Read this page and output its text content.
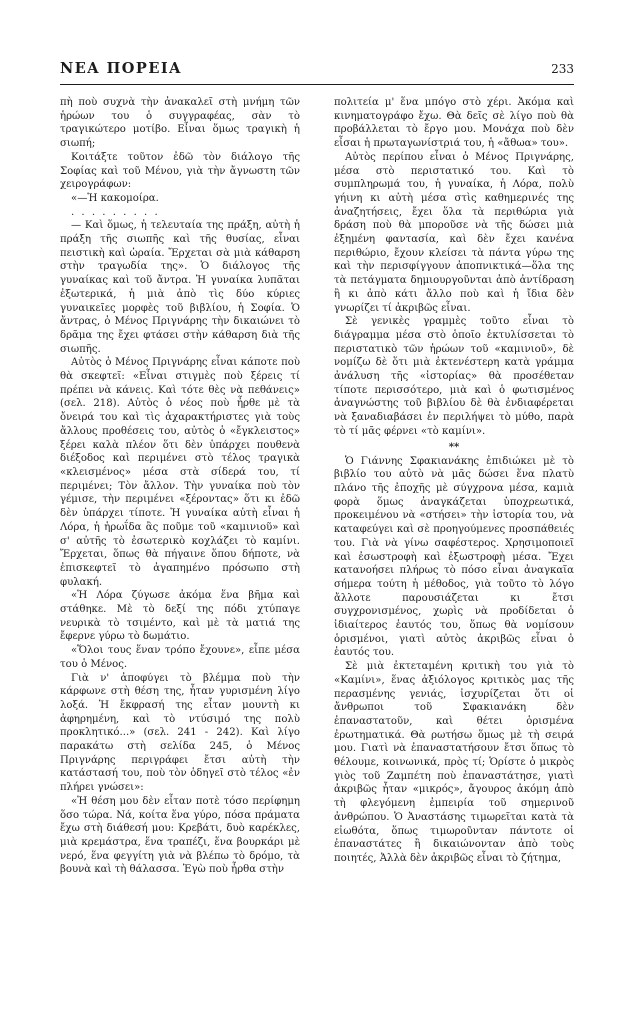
ΝΕΑ ΠΟΡΕΙΑ	233

πὴ ποὺ συχνὰ τὴν ἀνακαλεῖ στὴ μνήμη τῶν ἡρώων του ὁ συγγραφέας, σὰν τὸ τραγικώτερο μοτίβο. Εἶναι ὅμως τραγικὴ ἡ σιωπή;

Κοιτάξτε τοῦτον ἐδῶ τὸν διάλογο τῆς Σοφίας καὶ τοῦ Μένου, γιὰ τὴν ἄγνωστη τῶν χειρογράφων:

«—Ἡ κακομοίρα.

. . . . . . . . .

— Καὶ ὅμως, ἡ τελευταία της πράξη, αὐτὴ ἡ πράξη τῆς σιωπῆς καὶ τῆς θυσίας, εἶναι πειστικὴ καὶ ὡραία. Ἔρχεται σὰ μιὰ κάθαρση στὴν τραγωδία της». Ὁ διάλογος τῆς γυναίκας καὶ τοῦ ἄντρα. Ἡ γυναίκα λυπᾶται ἐξωτερικά, ἡ μιὰ ἀπὸ τὶς δύο κύριες γυναικεῖες μορφὲς τοῦ βιβλίου, ἡ Σοφία. Ὁ ἄντρας, ὁ Μένος Πριγνάρης τὴν δικαιώνει τὸ δρᾶμα της ἔχει φτάσει στὴν κάθαρση διὰ τῆς σιωπῆς.

Αὐτὸς ὁ Μένος Πριγνάρης εἶναι κάποτε ποὺ θὰ σκεφτεῖ: «Εἶναι στιγμὲς ποὺ ξέρεις τί πρέπει νὰ κάνεις. Καὶ τότε θὲς νὰ πεθάνεις» (σελ. 218). Αὐτὸς ὁ νέος ποὺ ἦρθε μὲ τὰ ὄνειρά του καὶ τὶς ἀχαρακτήριστες γιὰ τοὺς ἄλλους προθέσεις του, αὐτὸς ὁ «ἔγκλειστος» ξέρει καλὰ πλέον ὅτι δὲν ὑπάρχει πουθενὰ διέξοδος καὶ περιμένει στὸ τέλος τραγικὰ «κλεισμένος» μέσα στὰ σίδερά του, τί περιμένει; Τὸν ἄλλον. Τὴν γυναίκα ποὺ τὸν γέμισε, τὴν περιμένει «ξέροντας» ὅτι κι ἐδῶ δὲν ὑπάρχει τίποτε. Ἡ γυναίκα αὐτὴ εἶναι ἡ Λόρα, ἡ ἡρωΐδα ἂς ποῦμε τοῦ «καμινιοῦ» καὶ σ' αὐτῆς τὸ ἐσωτερικὸ κοχλάζει τὸ καμίνι. Ἔρχεται, ὅπως θὰ πήγαινε ὅπου δήποτε, νὰ ἐπισκεφτεῖ τὸ ἀγαπημένο πρόσωπο στὴ φυλακή.

«Ἡ Λόρα ζύγωσε ἀκόμα ἕνα βῆμα καὶ στάθηκε. Μὲ τὸ δεξί της πόδι χτύπαγε νευρικὰ τὸ τσιμέντο, καὶ μὲ τὰ ματιά της ἔφερνε γύρω τὸ δωμάτιο.

«Ὅλοι τους ἕναν τρόπο ἔχουνε», εἶπε μέσα του ὁ Μένος.

Γιὰ ν' ἀποφύγει τὸ βλέμμα ποὺ τὴν κάρφωνε στὴ θέση της, ἦταν γυρισμένη λίγο λοξά. Ἡ ἔκφρασή της εἶταν μουντὴ κι ἀφηρημένη, καὶ τὸ ντύσιμό της πολὺ προκλητικό...» (σελ. 241 - 242). Καὶ λίγο παρακάτω στὴ σελίδα 245, ὁ Μένος Πριγνάρης περιγράφει ἔτσι αὐτὴ τὴν κατάστασή του, ποὺ τὸν ὁδηγεῖ στὸ τέλος «ἐν πλήρει γνώσει»:

«Ἡ θέση μου δὲν εἶταν ποτὲ τόσο περίφημη ὅσο τώρα. Νά, κοίτα ἕνα γύρο, πόσα πράματα ἔχω στὴ διάθεσή μου: Κρεβάτι, δυὸ καρέκλες, μιὰ κρεμάστρα, ἕνα τραπέζι, ἕνα βουρκάρι μὲ νερό, ἕνα φεγγίτη γιὰ νὰ βλέπω τὸ δρόμο, τὰ βουνὰ καὶ τὴ θάλασσα. Ἐγὼ ποὺ ἦρθα στὴν

πολιτεία μ' ἕνα μπόγο στὸ χέρι. Ἀκόμα καὶ κινηματογράφο ἔχω. Θὰ δεῖς σὲ λίγο ποὺ θὰ προβάλλεται τὸ ἔργο μου. Μονάχα ποὺ δὲν εἶσαι ἡ πρωταγωνίστριά του, ἡ «ἄθωα» του».

Αὐτὸς περίπου εἶναι ὁ Μένος Πριγνάρης, μέσα στὸ περιστατικό του. Καὶ τὸ συμπληρωμά του, ἡ γυναίκα, ἡ Λόρα, πολὺ γήινη κι αὐτὴ μέσα στὶς καθημερινές της ἀναζητήσεις, ἔχει ὅλα τὰ περιθώρια γιὰ δράση ποὺ θὰ μποροῦσε νὰ τῆς δώσει μιὰ ἐξημένη φαντασία, καὶ δὲν ἔχει κανένα περιθώριο, ἔχουν κλείσει τὰ πάντα γύρω της καὶ τὴν περισφίγγουν ἀποπνικτικά—ὅλα της τὰ πετάγματα δημιουργοῦνται ἀπὸ ἀντίδραση ἢ κι ἀπὸ κάτι ἄλλο ποὺ καὶ ἡ ἴδια δὲν γνωρίζει τί ἀκριβῶς εἶναι.

Σὲ γενικὲς γραμμὲς τοῦτο εἶναι τὸ διάγραμμα μέσα στὸ ὁποῖο ἐκτυλίσσεται τὸ περιστατικὸ τῶν ἡρώων τοῦ «καμινιοῦ», δὲ νομίζω δὲ ὅτι μιὰ ἐκτενέστερη κατὰ γράμμα ἀνάλυση τῆς «ἱστορίας» θὰ προσέθεταν τίποτε περισσότερο, μιὰ καὶ ὁ φωτισμένος ἀναγνώστης τοῦ βιβλίου δὲ θὰ ἐνδιαφέρεται νὰ ξαναδιαβάσει ἐν περιλήψει τὸ μύθο, παρὰ τὸ τί μᾶς φέρνει «τὸ καμίνι».

**

Ὁ Γιάννης Σφακιανάκης ἐπιδιώκει μὲ τὸ βιβλίο του αὐτὸ νὰ μᾶς δώσει ἕνα πλατὺ πλάνο τῆς ἐποχῆς μὲ σύγχρονα μέσα, καμιὰ φορὰ ὅμως ἀναγκάζεται ὑποχρεωτικά, προκειμένου νὰ «στήσει» τὴν ἱστορία του, νὰ καταφεύγει καὶ σὲ προηγούμενες προσπάθειές του. Γιὰ νὰ γίνω σαφέστερος. Χρησιμοποιεῖ καὶ ἐσωστροφὴ καὶ ἐξωστροφὴ μέσα. Ἔχει κατανοήσει πλήρως τὸ πόσο εἶναι ἀναγκαῖα σήμερα τούτη ἡ μέθοδος, γιὰ τοῦτο τὸ λόγο ἄλλοτε παρουσιάζεται κι ἔτσι συγχρονισμένος, χωρὶς νὰ προδίδεται ὁ ἰδιαίτερος ἑαυτός του, ὅπως θὰ νομίσουν ὁρισμένοι, γιατὶ αὐτὸς ἀκριβῶς εἶναι ὁ ἑαυτός του.

Σὲ μιὰ ἐκτεταμένη κριτικὴ του γιὰ τὸ «Καμίνι», ἕνας ἀξιόλογος κριτικὸς μας τῆς περασμένης γενιάς, ἰσχυρίζεται ὅτι οἱ ἄνθρωποι τοῦ Σφακιανάκη δὲν ἐπαναστατοῦν, καὶ θέτει ὁρισμένα ἐρωτηματικά. Θὰ ρωτήσω ὅμως μὲ τὴ σειρά μου. Γιατὶ νὰ ἐπαναστατήσουν ἔτσι ὅπως τὸ θέλουμε, κοινωνικά, πρὸς τί; Ὁρίστε ὁ μικρὸς γιὸς τοῦ Ζαμπέτη ποὺ ἐπαναστάτησε, γιατὶ ἀκριβῶς ἦταν «μικρός», ἄγουρος ἀκόμη ἀπὸ τὴ φλεγόμενη ἐμπειρία τοῦ σημερινοῦ ἀνθρώπου. Ὁ Ἀναστάσης τιμωρεῖται κατὰ τὰ εἰωθότα, ὅπως τιμωροῦνταν πάντοτε οἱ ἐπαναστάτες ἢ δικαιώνονταν ἀπὸ τοὺς ποιητές, Ἀλλὰ δὲν ἀκριβῶς εἶναι τὸ ζήτημα,
